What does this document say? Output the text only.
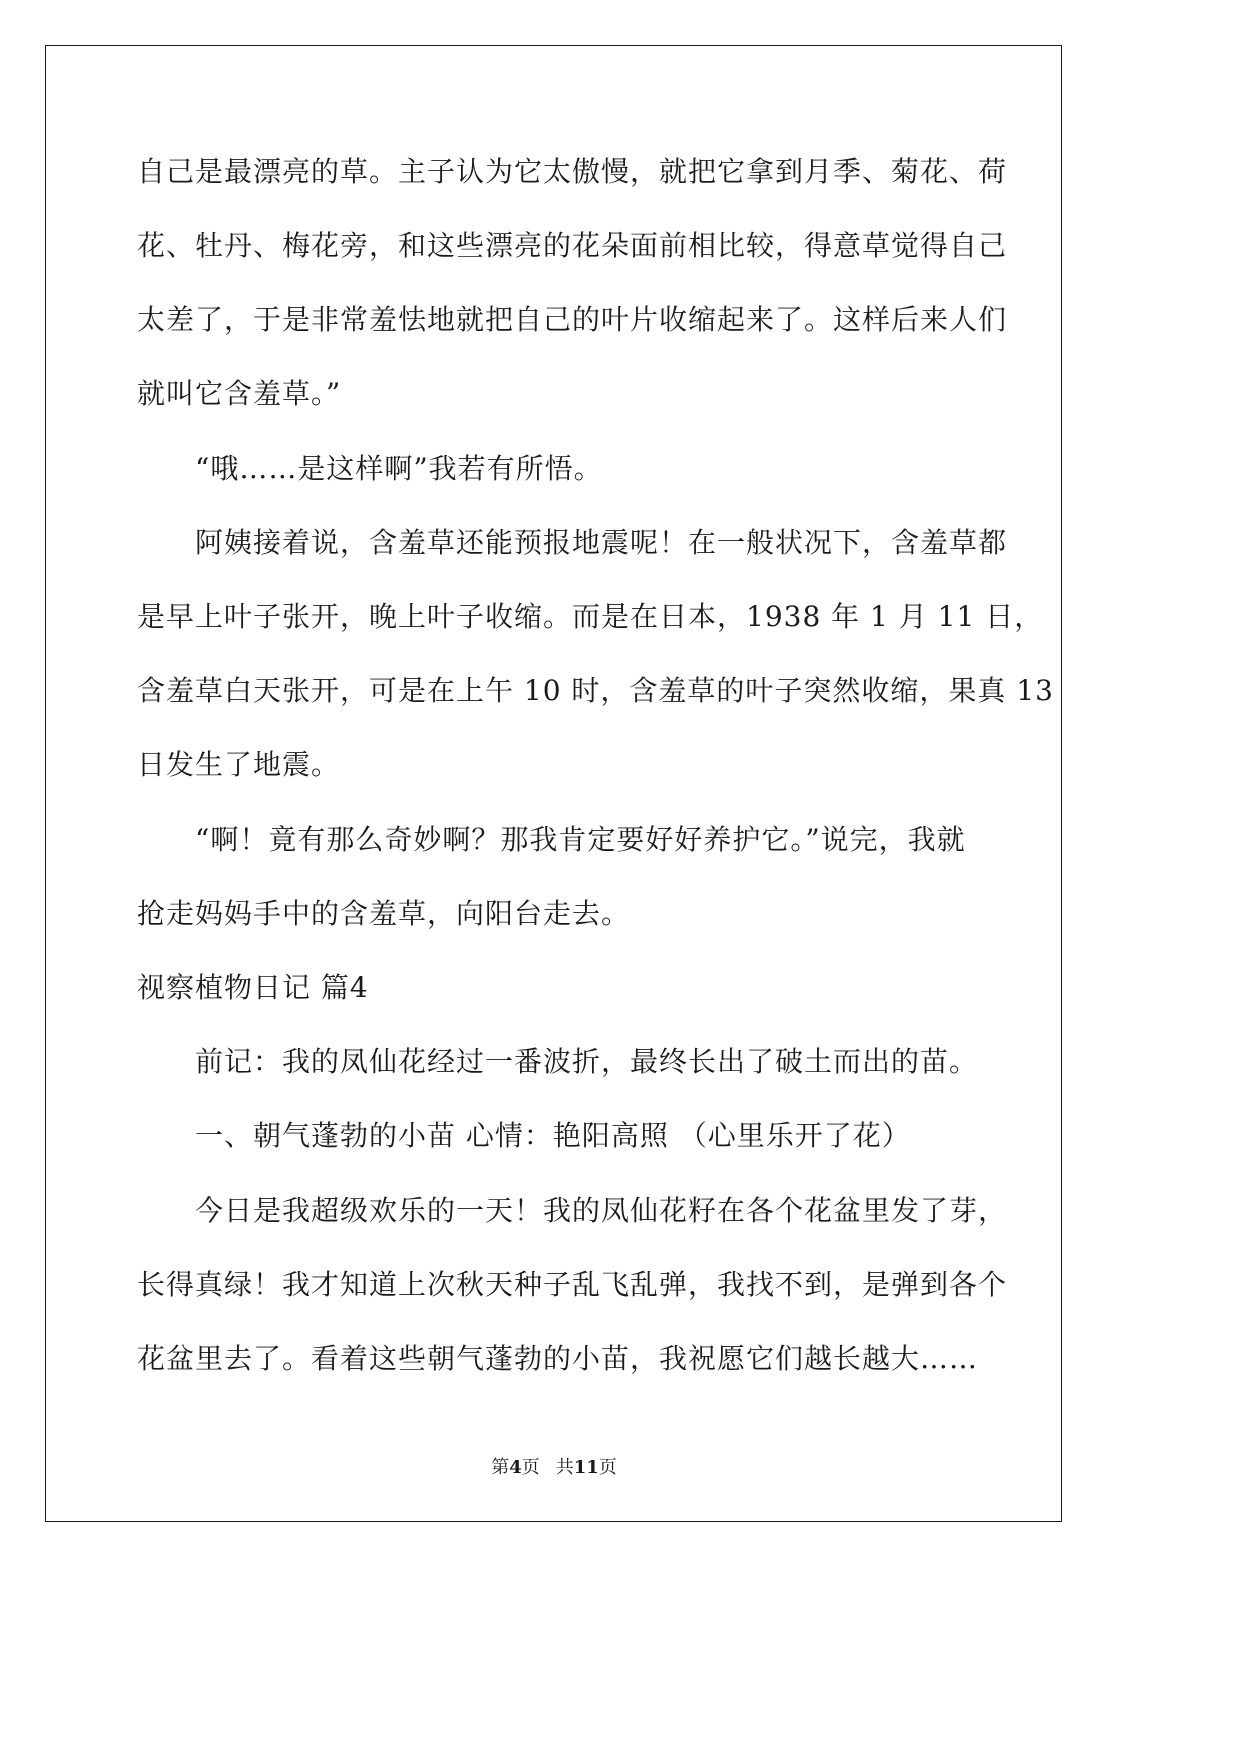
自己是最漂亮的草。主子认为它太傲慢，就把它拿到月季、菊花、荷
花、牡丹、梅花旁，和这些漂亮的花朵面前相比较，得意草觉得自己
太差了，于是非常羞怯地就把自己的叶片收缩起来了。这样后来人们
就叫它含羞草。”
　　“哦……是这样啊”我若有所悟。
　　阿姨接着说，含羞草还能预报地震呢！在一般状况下，含羞草都
是早上叶子张开，晚上叶子收缩。而是在日本，1938 年 1 月 11 日，
含羞草白天张开，可是在上午 10 时，含羞草的叶子突然收缩，果真 13
日发生了地震。
　　“啊！竟有那么奇妙啊？那我肯定要好好养护它。”说完，我就
抢走妈妈手中的含羞草，向阳台走去。
视察植物日记 篇4
　　前记：我的凤仙花经过一番波折，最终长出了破土而出的苗。
　　一、朝气蓬勃的小苗 心情：艳阳高照 （心里乐开了花）
　　今日是我超级欢乐的一天！我的凤仙花籽在各个花盆里发了芽，
长得真绿！我才知道上次秋天种子乱飞乱弹，我找不到，是弹到各个
花盆里去了。看着这些朝气蓬勃的小苗，我祝愿它们越长越大……
第4页 共11页
